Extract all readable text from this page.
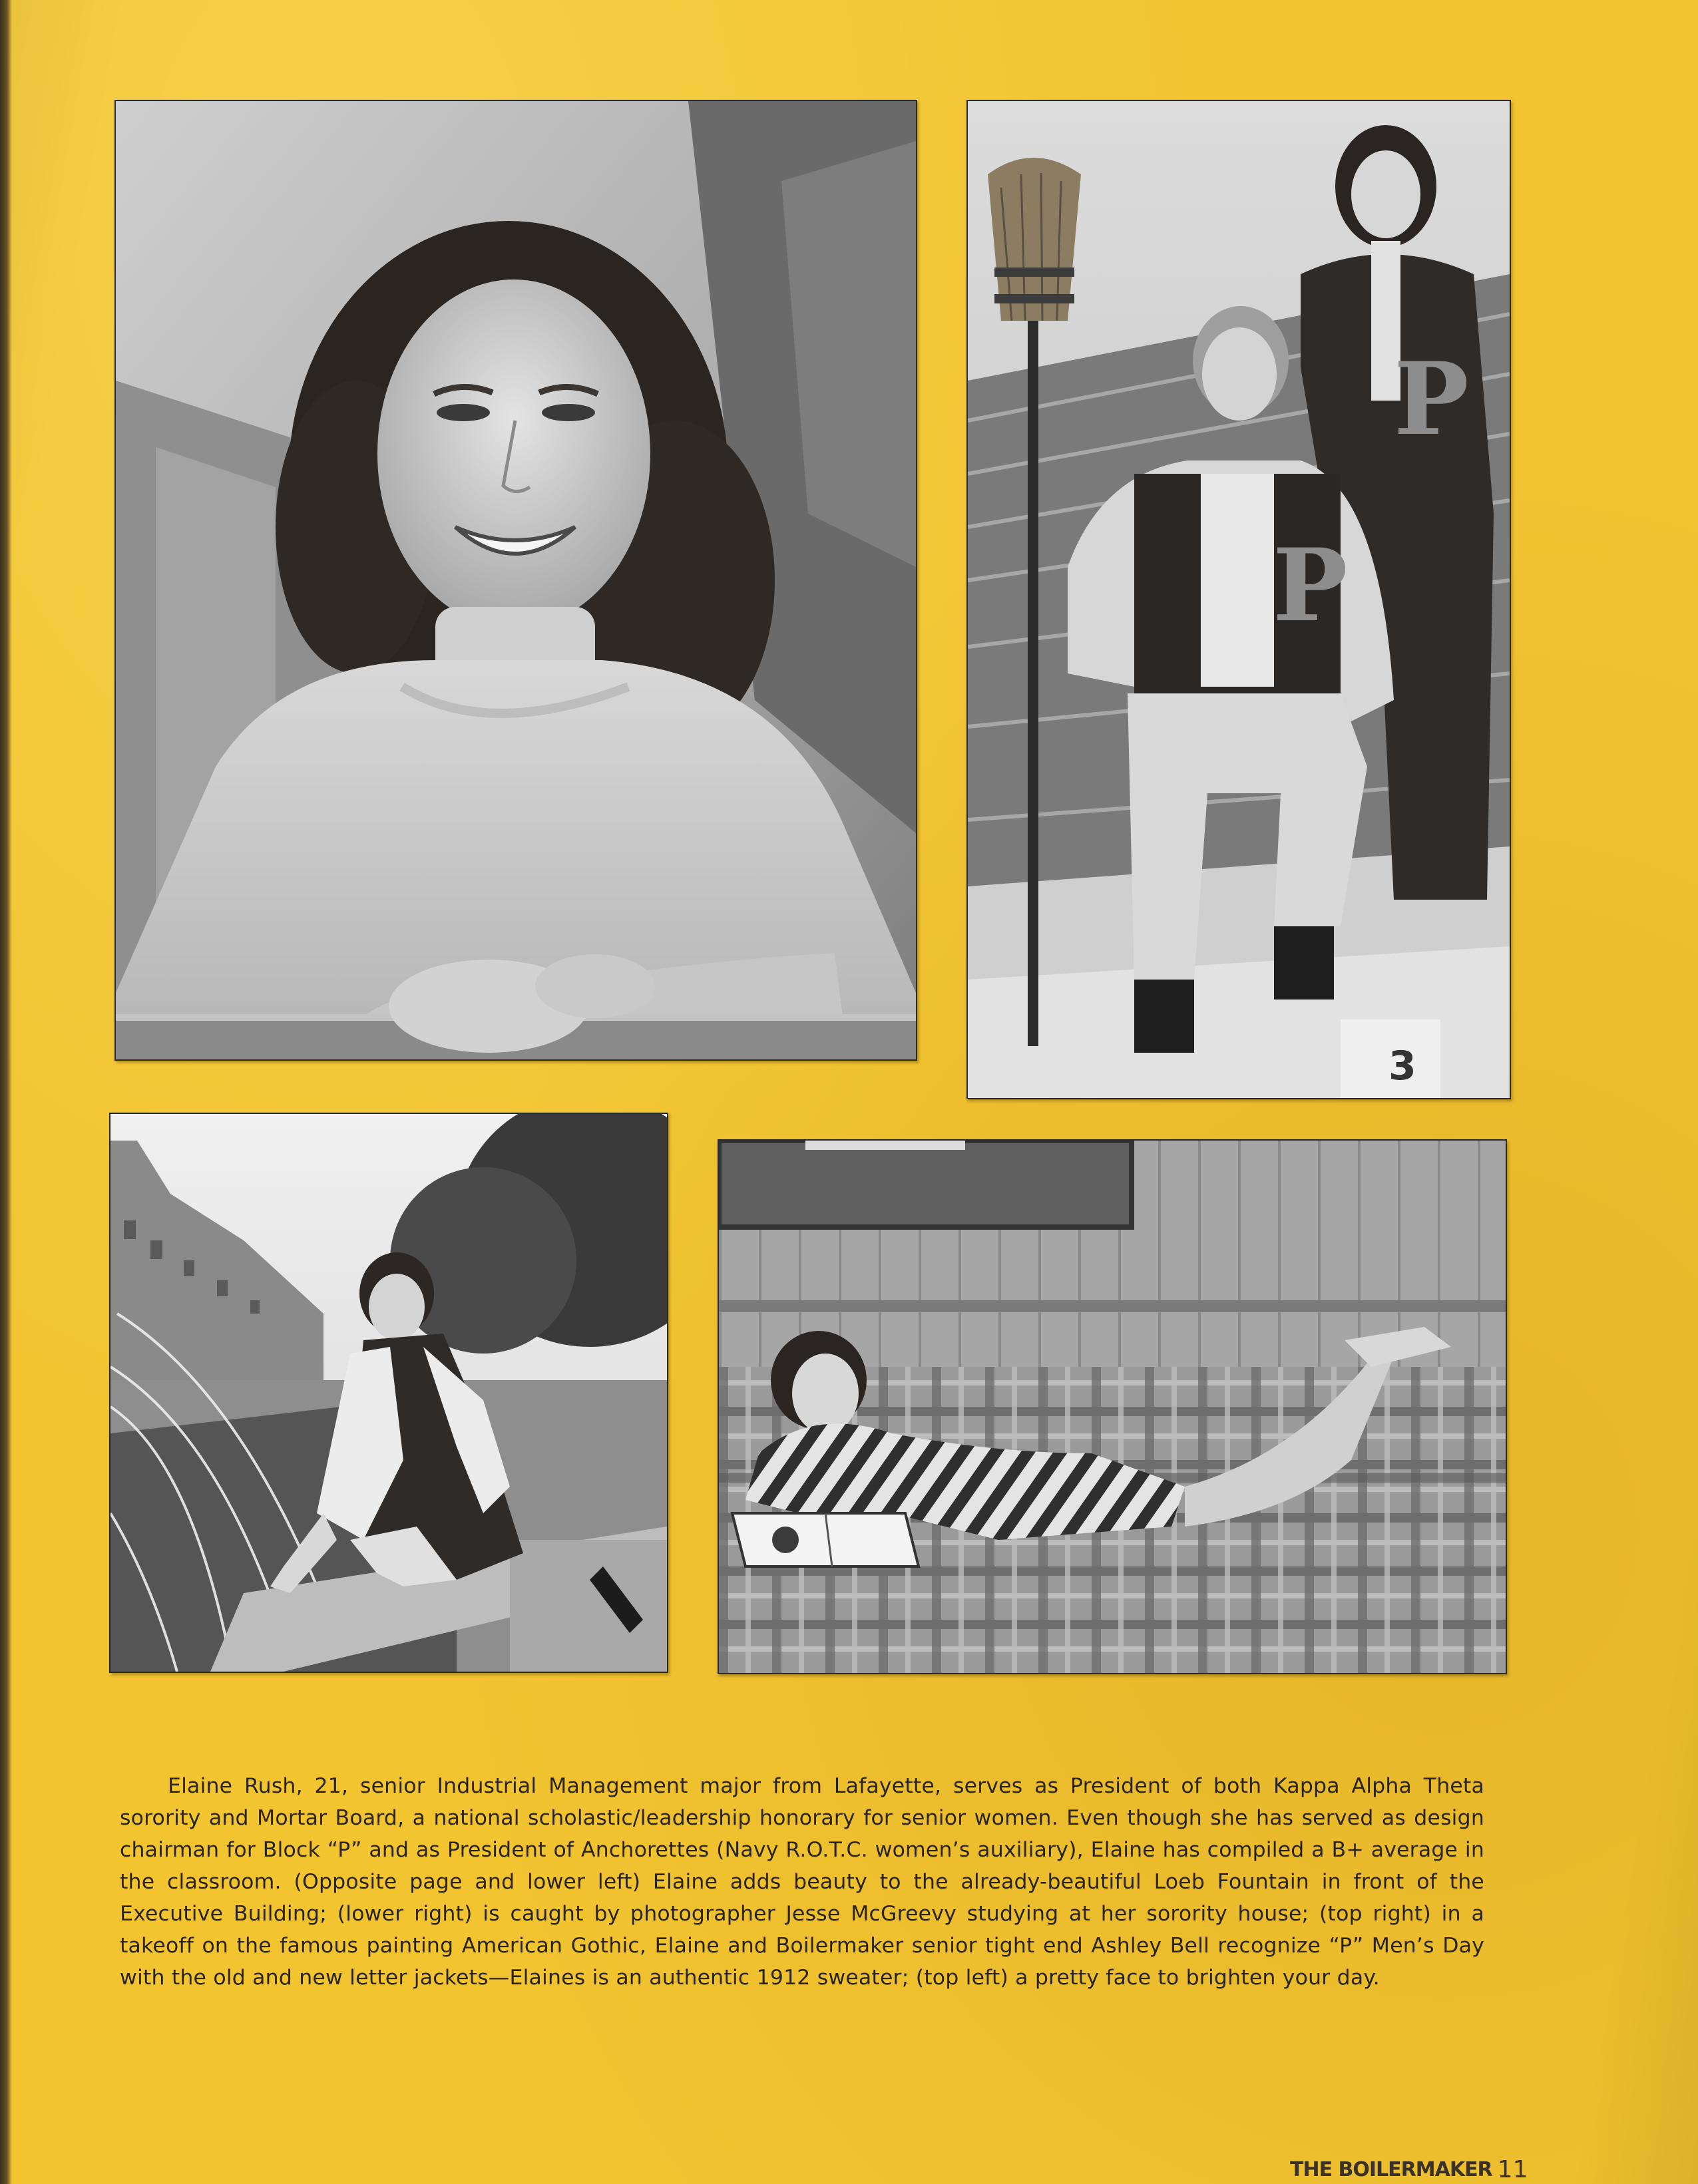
3
P
P

Elaine Rush, 21, senior Industrial Management major from Lafayette, serves as President of both Kappa Alpha Theta sorority and Mortar Board, a national scholastic/leadership honorary for senior women. Even though she has served as design chairman for Block “P” and as President of Anchorettes (Navy R.O.T.C. women’s auxiliary), Elaine has compiled a B+ average in the classroom. (Opposite page and lower left) Elaine adds beauty to the already-beautiful Loeb Fountain in front of the Executive Building; (lower right) is caught by photographer Jesse McGreevy studying at her sorority house; (top right) in a takeoff on the famous painting American Gothic, Elaine and Boilermaker senior tight end Ashley Bell recognize “P” Men’s Day with the old and new letter jackets—Elaines is an authentic 1912 sweater; (top left) a pretty face to brighten your day.

THE BOILERMAKER 11
